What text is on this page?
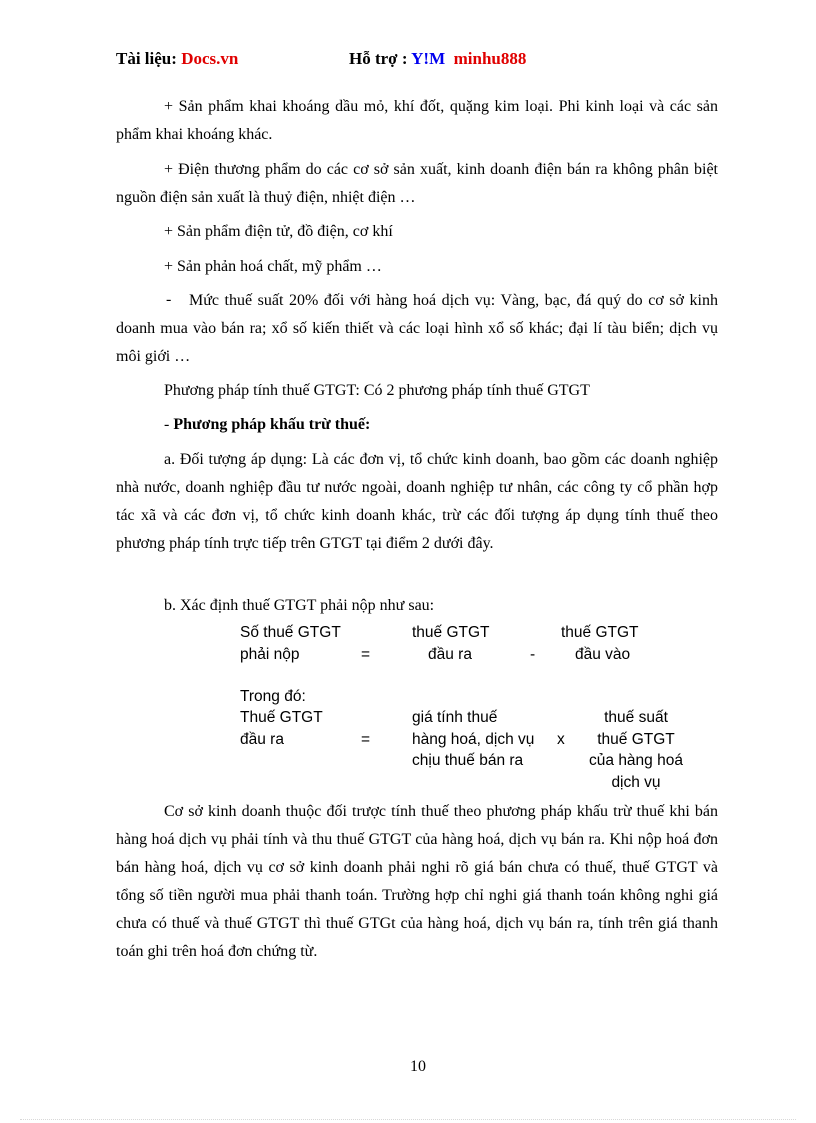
Tài liệu: Docs.vn	Hỗ trợ : Y!M minhu888
+ Sản phẩm khai khoáng dầu mỏ, khí đốt, quặng kim loại. Phi kinh loại và các sản phẩm khai khoáng khác.
+ Điện thương phẩm do các cơ sở sản xuất, kinh doanh điện bán ra không phân biệt nguồn điện sản xuất là thuỷ điện, nhiệt điện …
+ Sản phẩm điện tử, đồ điện, cơ khí
+ Sản phản hoá chất, mỹ phẩm …
-	Mức thuế suất 20% đối với hàng hoá dịch vụ: Vàng, bạc, đá quý do cơ sở kinh doanh mua vào bán ra; xổ số kiến thiết và các loại hình xổ số khác; đại lí tàu biển; dịch vụ môi giới …
Phương pháp tính thuế GTGT: Có 2 phương pháp tính thuế GTGT
- Phương pháp khấu trừ thuế:
a. Đối tượng áp dụng: Là các đơn vị, tổ chức kinh doanh, bao gồm các doanh nghiệp nhà nước, doanh nghiệp đầu tư nước ngoài, doanh nghiệp tư nhân, các công ty cổ phần hợp tác xã và các đơn vị, tổ chức kinh doanh khác, trừ các đối tượng áp dụng tính thuế theo phương pháp tính trực tiếp trên GTGT tại điểm 2 dưới đây.
b. Xác định thuế GTGT phải nộp như sau:
Số thuế GTGT
phải nộp	=
thuế GTGT
đầu ra	-
thuế GTGT
đầu vào
Trong đó:
Thuế GTGT
đầu ra	=
giá tính thuế
hàng hoá, dịch vụ
chịu thuế bán ra
x
thuế suất
thuế GTGT
của hàng hoá
dịch vụ
Cơ sở kinh doanh thuộc đối trược tính thuế theo phương pháp khấu trừ thuế khi bán hàng hoá dịch vụ phải tính và thu thuế GTGT của hàng hoá, dịch vụ bán ra. Khi nộp hoá đơn bán hàng hoá, dịch vụ cơ sở kinh doanh phải nghi rõ giá bán chưa có thuế, thuế GTGT và tổng số tiền người mua phải thanh toán. Trường hợp chỉ nghi giá thanh toán không nghi giá chưa có thuế và thuế GTGT thì thuế GTGt của hàng hoá, dịch vụ bán ra, tính trên giá thanh toán ghi trên hoá đơn chứng từ.
10
